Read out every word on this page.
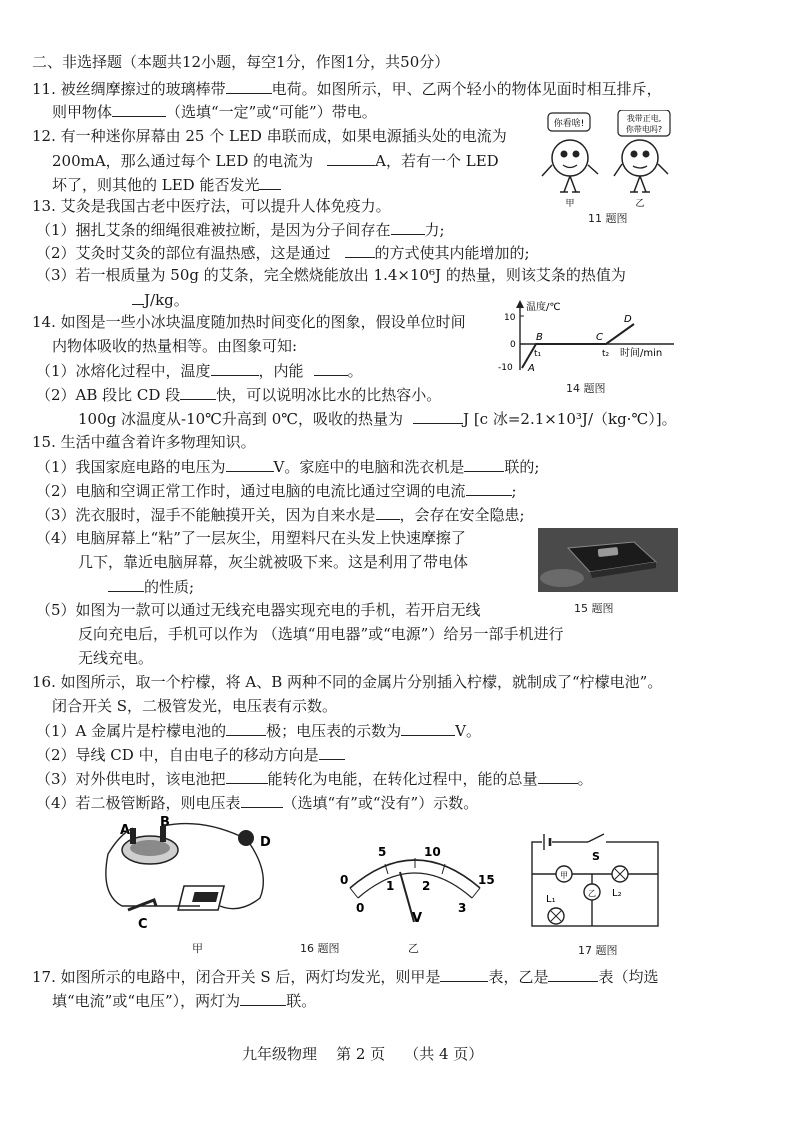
二、非选择题（本题共12小题，每空1分，作图1分，共50分）
11. 被丝绸摩擦过的玻璃棒带	电荷。如图所示，甲、乙两个轻小的物体见面时相互排斥，
则甲物体	（选填“一定”或“可能”）带电。
你看啥!
我带正电,
你带电吗?
甲	乙
11 题图
12. 有一种迷你屏幕由 25 个 LED 串联而成，如果电源插头处的电流为
200mA，那么通过每个 LED 的电流为	A，若有一个 LED
坏了，则其他的 LED 能否发光
13. 艾灸是我国古老中医疗法，可以提升人体免疫力。
（1）捆扎艾条的细绳很难被拉断，是因为分子间存在 力;
（2）艾灸时艾灸的部位有温热感，这是通过	的方式使其内能增加的;
（3）若一根质量为 50g 的艾条，完全燃烧能放出 1.4×10⁶J 的热量，则该艾条的热值为
J/kg。
14. 如图是一些小冰块温度随加热时间变化的图象，假设单位时间
内物体吸收的热量相等。由图象可知:
（1）冰熔化过程中，温度	，内能	。
（2）AB 段比 CD 段 快，可以说明冰比水的比热容小。
100g 冰温度从-10℃升高到 0℃，吸收的热量为	J [c 冰=2.1×10³J/（kg·℃）]。
温度/℃
10
0
-10 A
B	C
D
t₁	t₂ 时间/min
14 题图
15. 生活中蕴含着许多物理知识。
（1）我国家庭电路的电压为	V。家庭中的电脑和洗衣机是	联的;
（2）电脑和空调正常工作时，通过电脑的电流比通过空调的电流	;
（3）洗衣服时，湿手不能触摸开关，因为自来水是 ，会存在安全隐患;
（4）电脑屏幕上“粘”了一层灰尘，用塑料尺在头发上快速摩擦了
几下，靠近电脑屏幕，灰尘就被吸下来。这是利用了带电体
的性质;
（5）如图为一款可以通过无线充电器实现充电的手机，若开启无线
反向充电后，手机可以作为 （选填“用电器”或“电源”）给另一部手机进行
无线充电。
15 题图
16. 如图所示，取一个柠檬，将 A、B 两种不同的金属片分别插入柠檬，就制成了“柠檬电池”。
闭合开关 S，二极管发光，电压表有示数。
（1）A 金属片是柠檬电池的	极；电压表的示数为	V。
（2）导线 CD 中，自由电子的移动方向是
（3）对外供电时，该电池把	能转化为电能，在转化过程中，能的总量	。
（4）若二极管断路，则电压表	（选填“有”或“没有”）示数。
A
B
D
C
甲	16 题图
0
5	10
15
0
1 2
3
V
乙
S
甲
乙
L₁
L₂
17 题图
17. 如图所示的电路中，闭合开关 S 后，两灯均发光，则甲是	表，乙是	表（均选
填“电流”或“电压”），两灯为	联。
九年级物理    第 2 页    （共 4 页）
